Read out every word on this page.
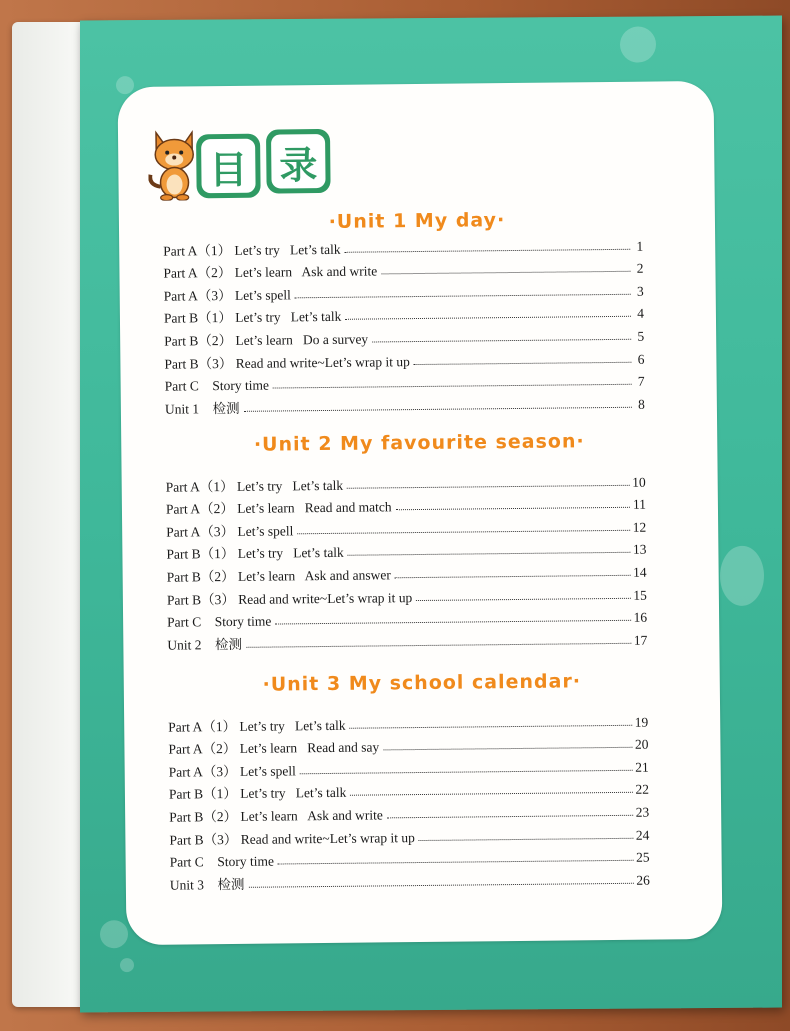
目 录
·Unit 1 My day·
Part A（1） Let’s try   Let’s talk	1
Part A（2） Let’s learn   Ask and write	2
Part A（3） Let’s spell	3
Part B（1） Let’s try   Let’s talk	4
Part B（2） Let’s learn   Do a survey	5
Part B（3） Read and write~Let’s wrap it up	6
Part C    Story time	7
Unit 1    检测	8
·Unit 2 My favourite season·
Part A（1） Let’s try   Let’s talk	10
Part A（2） Let’s learn   Read and match	11
Part A（3） Let’s spell	12
Part B（1） Let’s try   Let’s talk	13
Part B（2） Let’s learn   Ask and answer	14
Part B（3） Read and write~Let’s wrap it up	15
Part C    Story time	16
Unit 2    检测	17
·Unit 3 My school calendar·
Part A（1） Let’s try   Let’s talk	19
Part A（2） Let’s learn   Read and say	20
Part A（3） Let’s spell	21
Part B（1） Let’s try   Let’s talk	22
Part B（2） Let’s learn   Ask and write	23
Part B（3） Read and write~Let’s wrap it up	24
Part C    Story time	25
Unit 3    检测	26
